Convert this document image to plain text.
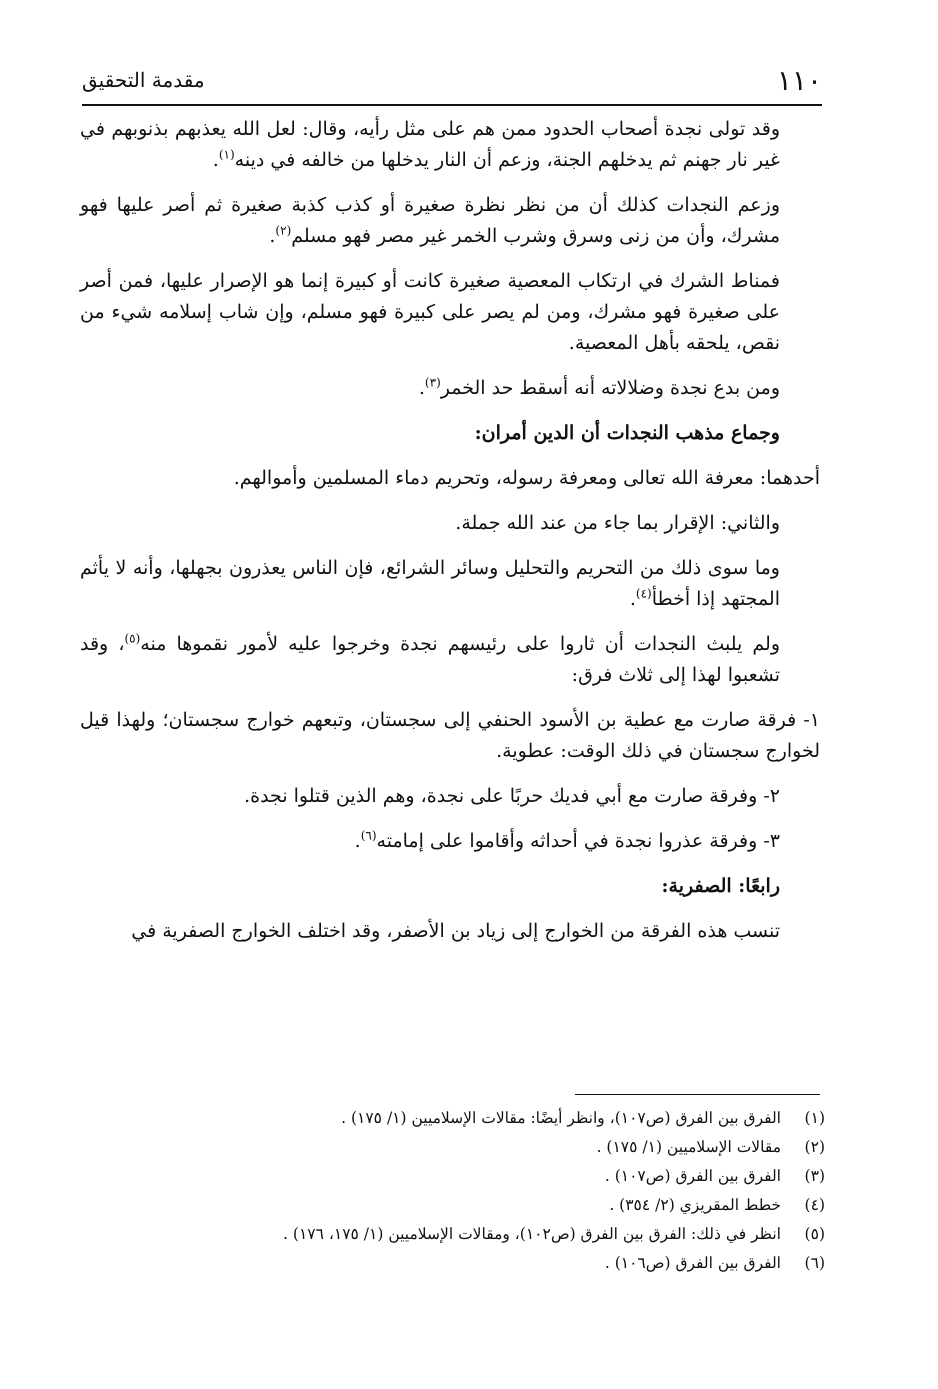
١١٠
مقدمة التحقيق

وقد تولى نجدة أصحاب الحدود ممن هم على مثل رأيه، وقال: لعل الله يعذبهم بذنوبهم في غير نار جهنم ثم يدخلهم الجنة، وزعم أن النار يدخلها من خالفه في دينه$^{(١)}$.

وزعم النجدات كذلك أن من نظر نظرة صغيرة أو كذب كذبة صغيرة ثم أصر عليها فهو مشرك، وأن من زنى وسرق وشرب الخمر غير مصر فهو مسلم$^{(٢)}$.

فمناط الشرك في ارتكاب المعصية صغيرة كانت أو كبيرة إنما هو الإصرار عليها، فمن أصر على صغيرة فهو مشرك، ومن لم يصر على كبيرة فهو مسلم، وإن شاب إسلامه شيء من نقص، يلحقه بأهل المعصية.

ومن بدع نجدة وضلالاته أنه أسقط حد الخمر$^{(٣)}$.

وجماع مذهب النجدات أن الدين أمران:

أحدهما: معرفة الله تعالى ومعرفة رسوله، وتحريم دماء المسلمين وأموالهم.

والثاني: الإقرار بما جاء من عند الله جملة.

وما سوى ذلك من التحريم والتحليل وسائر الشرائع، فإن الناس يعذرون بجهلها، وأنه لا يأثم المجتهد إذا أخطأ$^{(٤)}$.

ولم يلبث النجدات أن ثاروا على رئيسهم نجدة وخرجوا عليه لأمور نقموها منه$^{(٥)}$، وقد تشعبوا لهذا إلى ثلاث فرق:

١- فرقة صارت مع عطية بن الأسود الحنفي إلى سجستان، وتبعهم خوارج سجستان؛ ولهذا قيل لخوارج سجستان في ذلك الوقت: عطوية.

٢- وفرقة صارت مع أبي فديك حربًا على نجدة، وهم الذين قتلوا نجدة.

٣- وفرقة عذروا نجدة في أحداثه وأقاموا على إمامته$^{(٦)}$.

رابعًا: الصفرية:

تنسب هذه الفرقة من الخوارج إلى زياد بن الأصفر، وقد اختلف الخوارج الصفرية في

(١)
الفرق بين الفرق (ص١٠٧)، وانظر أيضًا: مقالات الإسلاميين (١/ ١٧٥) .
(٢)
مقالات الإسلاميين (١/ ١٧٥) .
(٣)
الفرق بين الفرق (ص١٠٧) .
(٤)
خطط المقريزي (٢/ ٣٥٤) .
(٥)
انظر في ذلك: الفرق بين الفرق (ص١٠٢)، ومقالات الإسلاميين (١/ ١٧٥، ١٧٦) .
(٦)
الفرق بين الفرق (ص١٠٦) .
